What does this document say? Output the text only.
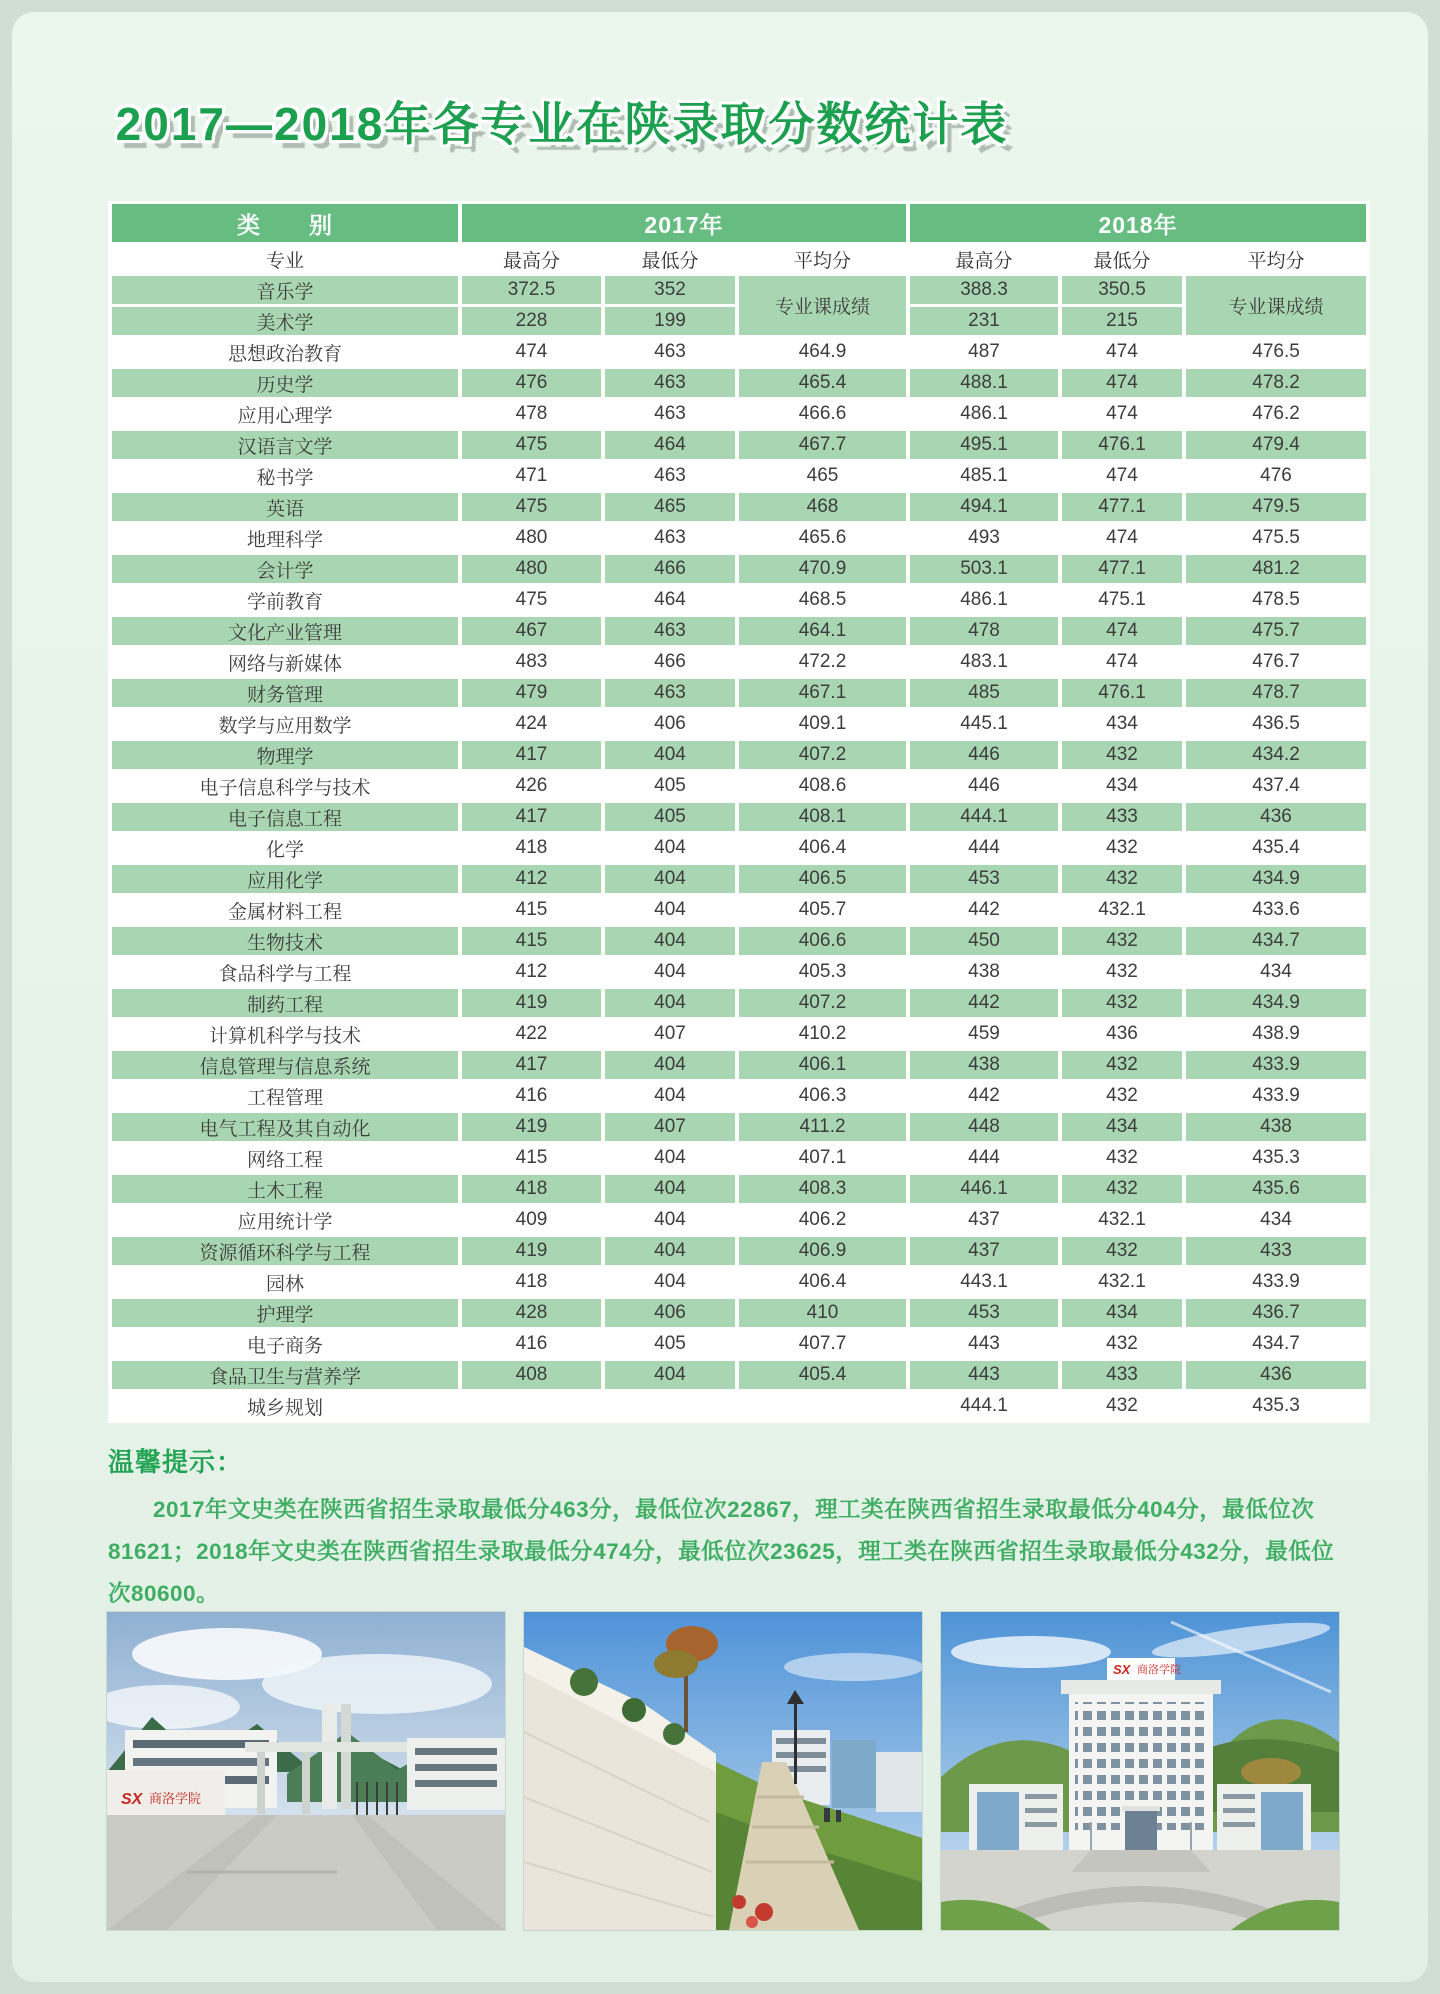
2017—2018年各专业在陕录取分数统计表
类　　别	2017年			2018年		
专业	最高分	最低分	平均分	最高分	最低分	平均分
音乐学	372.5	352	专业课成绩	388.3	350.5	专业课成绩
美术学	228	199		231	215	
思想政治教育	474	463	464.9	487	474	476.5
历史学	476	463	465.4	488.1	474	478.2
应用心理学	478	463	466.6	486.1	474	476.2
汉语言文学	475	464	467.7	495.1	476.1	479.4
秘书学	471	463	465	485.1	474	476
英语	475	465	468	494.1	477.1	479.5
地理科学	480	463	465.6	493	474	475.5
会计学	480	466	470.9	503.1	477.1	481.2
学前教育	475	464	468.5	486.1	475.1	478.5
文化产业管理	467	463	464.1	478	474	475.7
网络与新媒体	483	466	472.2	483.1	474	476.7
财务管理	479	463	467.1	485	476.1	478.7
数学与应用数学	424	406	409.1	445.1	434	436.5
物理学	417	404	407.2	446	432	434.2
电子信息科学与技术	426	405	408.6	446	434	437.4
电子信息工程	417	405	408.1	444.1	433	436
化学	418	404	406.4	444	432	435.4
应用化学	412	404	406.5	453	432	434.9
金属材料工程	415	404	405.7	442	432.1	433.6
生物技术	415	404	406.6	450	432	434.7
食品科学与工程	412	404	405.3	438	432	434
制药工程	419	404	407.2	442	432	434.9
计算机科学与技术	422	407	410.2	459	436	438.9
信息管理与信息系统	417	404	406.1	438	432	433.9
工程管理	416	404	406.3	442	432	433.9
电气工程及其自动化	419	407	411.2	448	434	438
网络工程	415	404	407.1	444	432	435.3
土木工程	418	404	408.3	446.1	432	435.6
应用统计学	409	404	406.2	437	432.1	434
资源循环科学与工程	419	404	406.9	437	432	433
园林	418	404	406.4	443.1	432.1	433.9
护理学	428	406	410	453	434	436.7
电子商务	416	405	407.7	443	432	434.7
食品卫生与营养学	408	404	405.4	443	433	436
城乡规划				444.1	432	435.3
温馨提示：
2017年文史类在陕西省招生录取最低分463分，最低位次22867，理工类在陕西省招生录取最低分404分，最低位次81621；2018年文史类在陕西省招生录取最低分474分，最低位次23625，理工类在陕西省招生录取最低分432分，最低位次80600。
SX 商洛学院
SX 商洛学院
